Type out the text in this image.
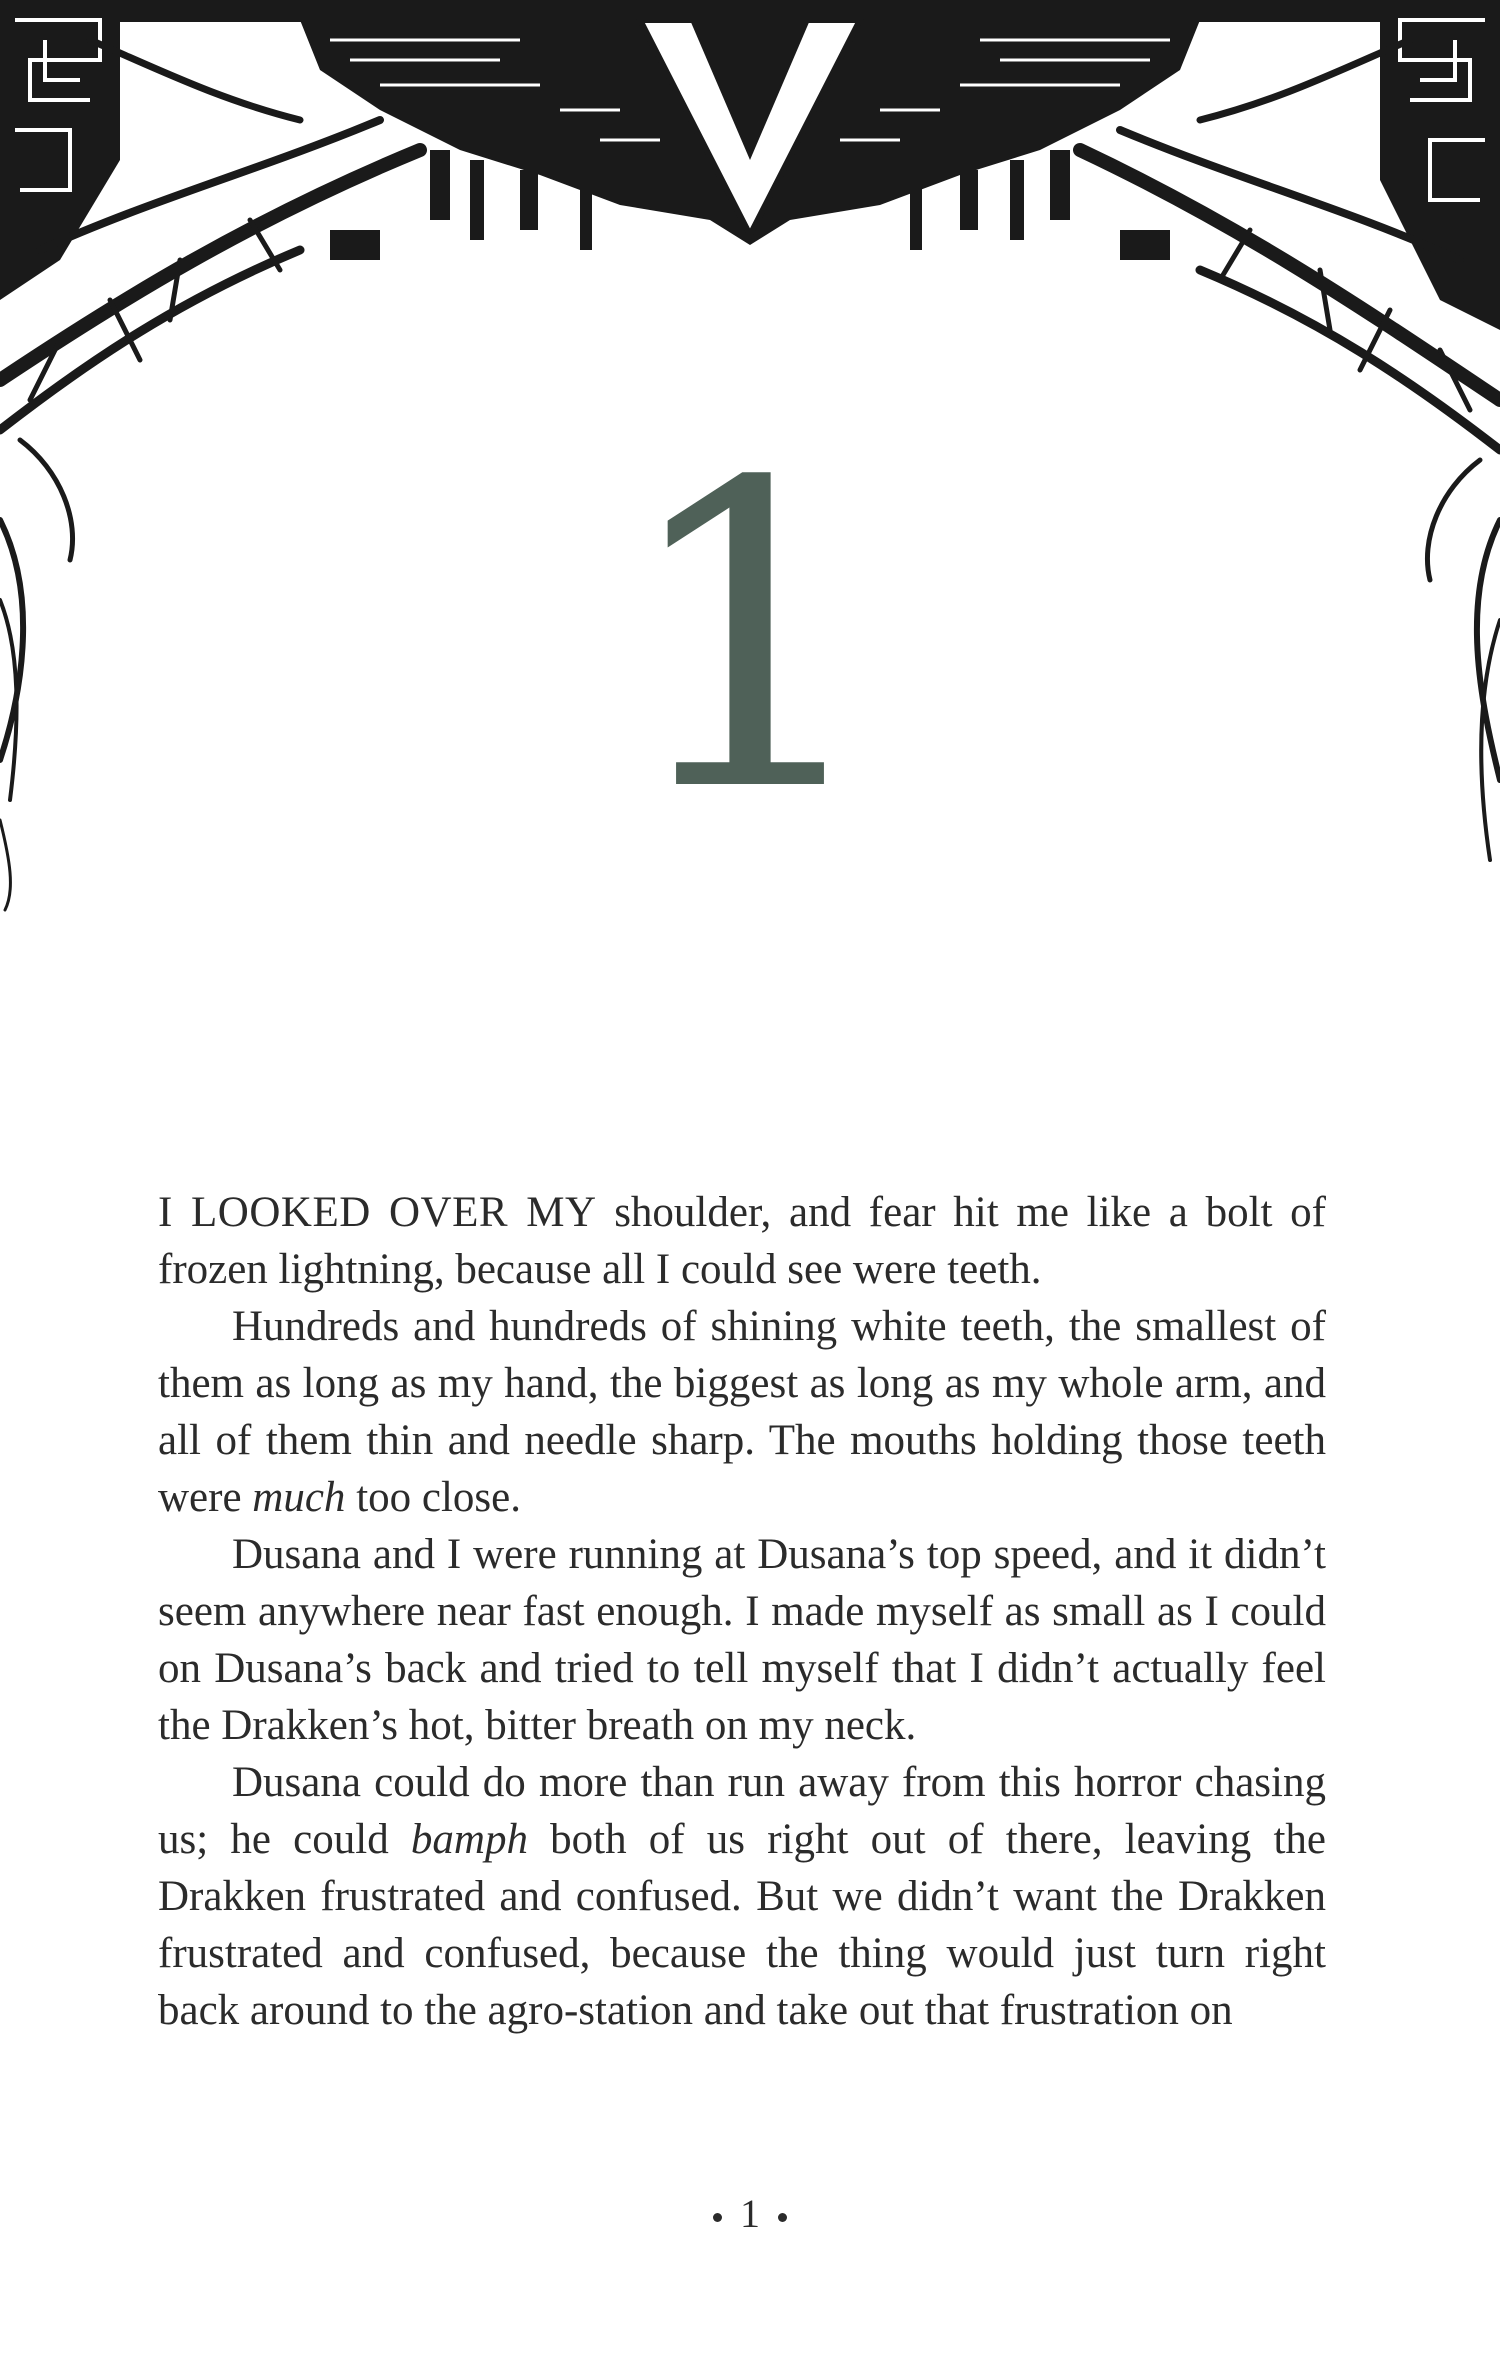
1

I LOOKED OVER MY shoulder, and fear hit me like a bolt of frozen lightning, because all I could see were teeth.

Hundreds and hundreds of shining white teeth, the smallest of them as long as my hand, the biggest as long as my whole arm, and all of them thin and needle sharp. The mouths holding those teeth were much too close.

Dusana and I were running at Dusana’s top speed, and it didn’t seem anywhere near fast enough. I made myself as small as I could on Dusana’s back and tried to tell myself that I didn’t actually feel the Drakken’s hot, bitter breath on my neck.

Dusana could do more than run away from this horror chasing us; he could bamph both of us right out of there, leaving the Drakken frustrated and confused. But we didn’t want the Drakken frustrated and confused, because the thing would just turn right back around to the agro-station and take out that frustration on

1
